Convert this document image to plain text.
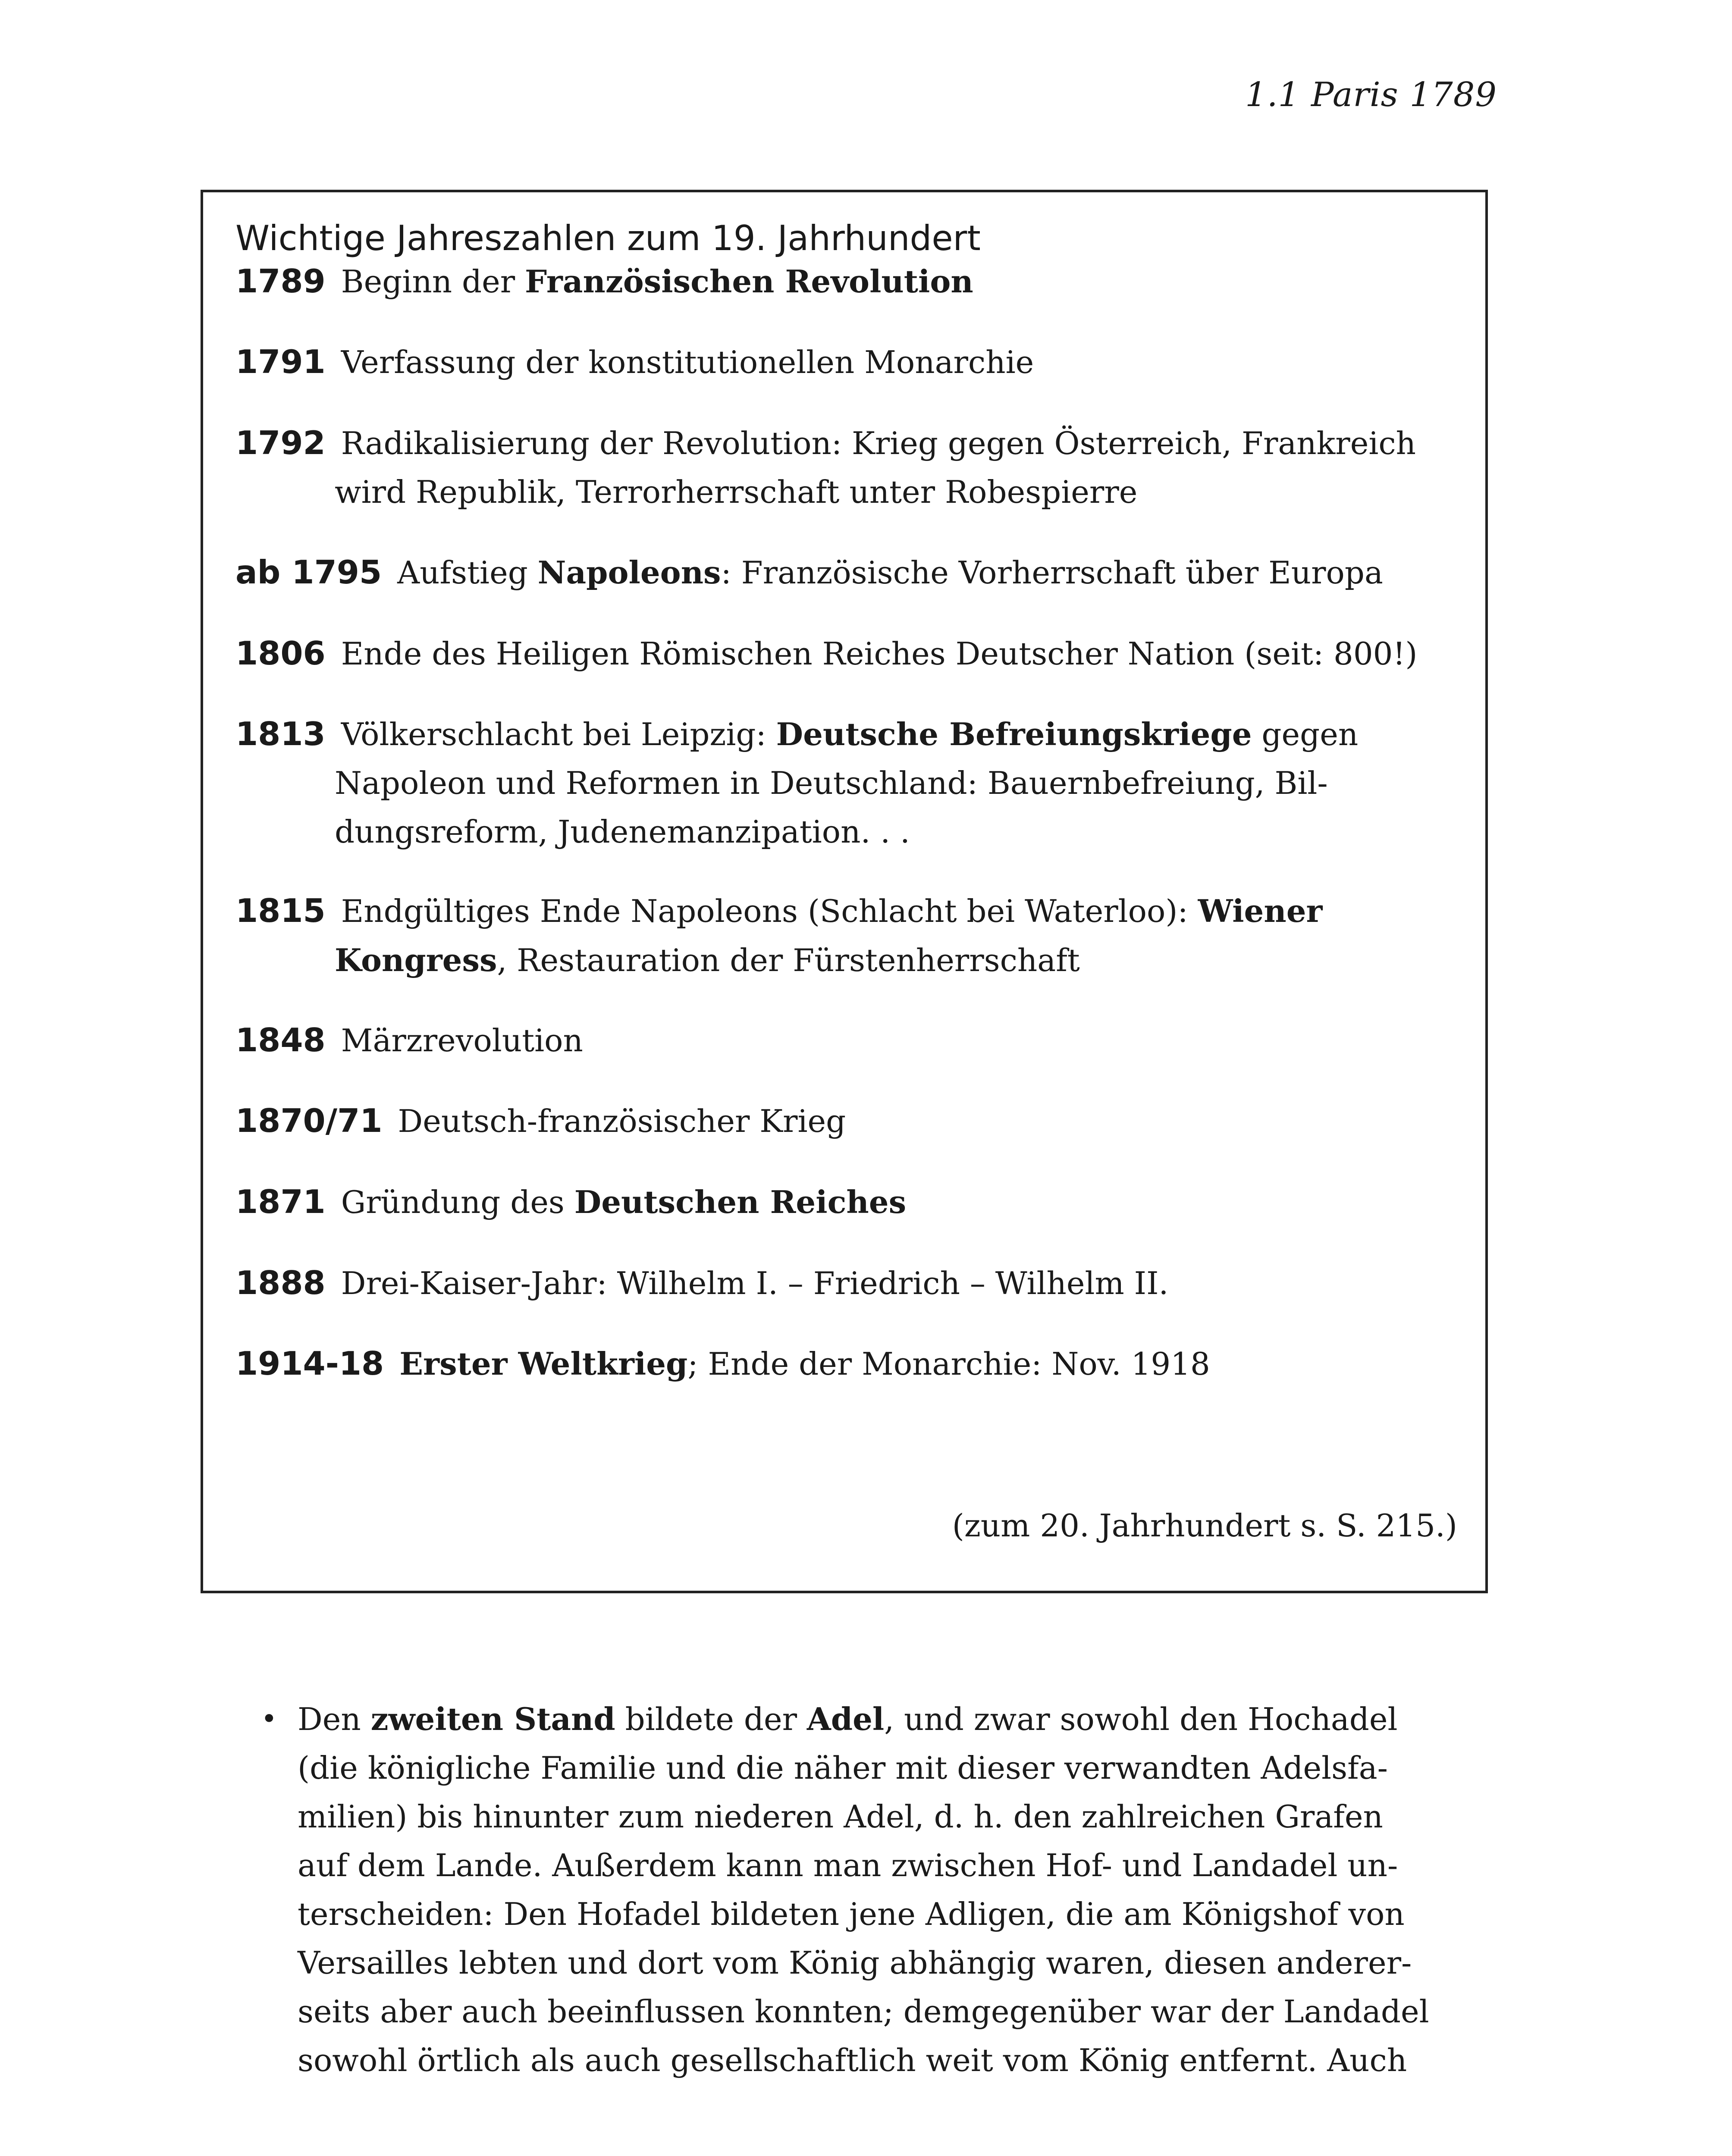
1.1 Paris 1789
Wichtige Jahreszahlen zum 19. Jahrhundert
1789 Beginn der Französischen Revolution
1791 Verfassung der konstitutionellen Monarchie
1792 Radikalisierung der Revolution: Krieg gegen Österreich, Frankreich
wird Republik, Terrorherrschaft unter Robespierre
ab 1795 Aufstieg Napoleons: Französische Vorherrschaft über Europa
1806 Ende des Heiligen Römischen Reiches Deutscher Nation (seit: 800!)
1813 Völkerschlacht bei Leipzig: Deutsche Befreiungskriege gegen
Napoleon und Reformen in Deutschland: Bauernbefreiung, Bil-
dungsreform, Judenemanzipation. . .
1815 Endgültiges Ende Napoleons (Schlacht bei Waterloo): Wiener
Kongress, Restauration der Fürstenherrschaft
1848 Märzrevolution
1870/71 Deutsch-französischer Krieg
1871 Gründung des Deutschen Reiches
1888 Drei-Kaiser-Jahr: Wilhelm I. – Friedrich – Wilhelm II.
1914-18 Erster Weltkrieg; Ende der Monarchie: Nov. 1918
(zum 20. Jahrhundert s. S. 215.)
• Den zweiten Stand bildete der Adel, und zwar sowohl den Hochadel
(die königliche Familie und die näher mit dieser verwandten Adelsfa-
milien) bis hinunter zum niederen Adel, d. h. den zahlreichen Grafen
auf dem Lande. Außerdem kann man zwischen Hof- und Landadel un-
terscheiden: Den Hofadel bildeten jene Adligen, die am Königshof von
Versailles lebten und dort vom König abhängig waren, diesen anderer-
seits aber auch beeinflussen konnten; demgegenüber war der Landadel
sowohl örtlich als auch gesellschaftlich weit vom König entfernt. Auch
